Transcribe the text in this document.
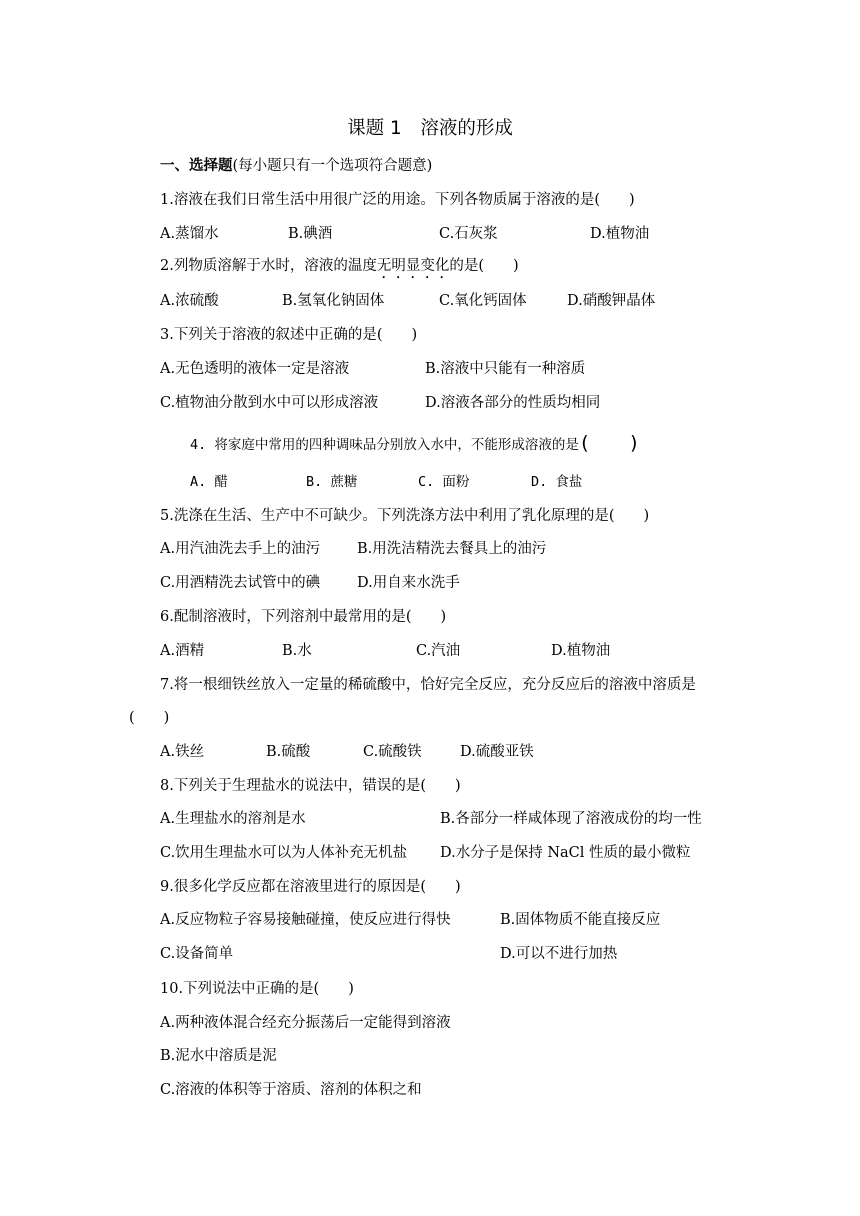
课题 1　溶液的形成
一、选择题(每小题只有一个选项符合题意)
1.溶液在我们日常生活中用很广泛的用途。下列各物质属于溶液的是(　　)
A.蒸馏水	B.碘酒	C.石灰浆	D.植物油
2.列物质溶解于水时，溶液的温度无明显变化的是(　　)
A.浓硫酸	B.氢氧化钠固体	C.氧化钙固体	D.硝酸钾晶体
3.下列关于溶液的叙述中正确的是(　　)
A.无色透明的液体一定是溶液	B.溶液中只能有一种溶质
C.植物油分散到水中可以形成溶液	D.溶液各部分的性质均相同
4. 将家庭中常用的四种调味品分别放入水中，不能形成溶液的是(　　)
A. 醋	B. 蔗糖	C. 面粉	D. 食盐
5.洗涤在生活、生产中不可缺少。下列洗涤方法中利用了乳化原理的是(　　)
A.用汽油洗去手上的油污	B.用洗洁精洗去餐具上的油污
C.用酒精洗去试管中的碘	D.用自来水洗手
6.配制溶液时，下列溶剂中最常用的是(　　)
A.酒精	B.水	C.汽油	D.植物油
7.将一根细铁丝放入一定量的稀硫酸中，恰好完全反应，充分反应后的溶液中溶质是
(　　)
A.铁丝	B.硫酸	C.硫酸铁	D.硫酸亚铁
8.下列关于生理盐水的说法中，错误的是(　　)
A.生理盐水的溶剂是水	B.各部分一样咸体现了溶液成份的均一性
C.饮用生理盐水可以为人体补充无机盐 D.水分子是保持 NaCl 性质的最小微粒
9.很多化学反应都在溶液里进行的原因是(　　)
A.反应物粒子容易接触碰撞，使反应进行得快	B.固体物质不能直接反应
C.设备简单	D.可以不进行加热
10.下列说法中正确的是(　　)
A.两种液体混合经充分振荡后一定能得到溶液
B.泥水中溶质是泥
C.溶液的体积等于溶质、溶剂的体积之和
